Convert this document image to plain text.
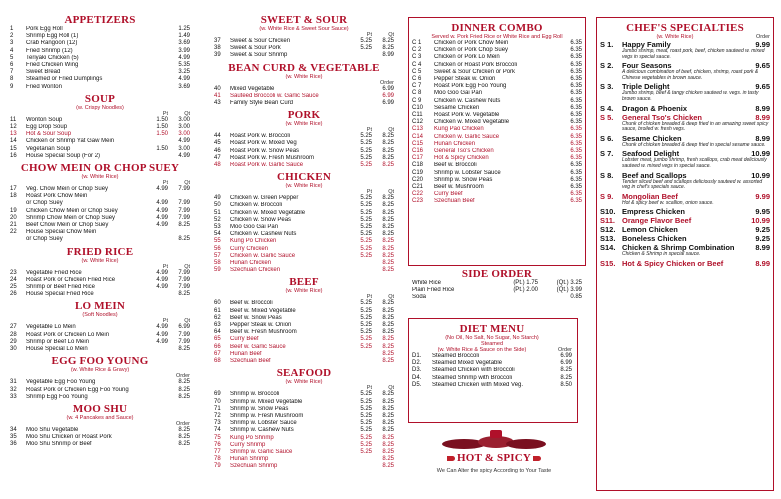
APPETIZERS
1	Pork Egg Roll	1.25
2	Shrimp Egg Roll (1)	1.49
3	Crab Rangoon (12)	3.69
4	Fried Shrimp (12)	3.99
5	Teriyaki Chicken (5)	4.99
6	Fried Chicken Wing	5.35
7	Sweet Bread	3.25
8	Steamed or Fried Dumplings	4.99
9	Fried Wonton	3.69
SOUP
(w. Crispy Noodles)
Pt	Qt
11	Wonton Soup	1.50	3.00
12	Egg Drop Soup	1.50	3.00
13	Hot & Sour Soup	1.50	3.00
14	Chicken or Shrimp Yat Gaw Mein	4.99
15	Vegetarian Soup	1.50	3.00
16	House Special Soup (For 2)	4.99
CHOW MEIN OR CHOP SUEY
(w. White Rice)
Pt	Qt
17	Veg. Chow Mein or Chop Suey	4.99	7.99
18	Roast Pork Chow Mein
or Chop Suey	4.99	7.99
19	Chicken Chow Mein or Chop Suey	4.99	7.99
20	Shrimp Chow Mein or Chop Suey	4.99	7.99
21	Beef Chow Mein or Chop Suey	4.99	8.25
22	House Special Chow Mein
or Chop Suey	8.25
FRIED RICE
(w. White Rice)
Pt	Qt
23	Vegetable Fried Rice	4.99	7.99
24	Roast Pork or Chicken Fried Rice	4.99	7.99
25	Shrimp or Beef Fried Rice	4.99	7.99
26	House Special Fried Rice	8.25
LO MEIN
(Soft Noodles)
Pt	Qt
27	Vegetable Lo Mein	4.99	6.99
28	Roast Pork or Chicken Lo Mein	4.99	7.99
29	Shrimp or Beef Lo Mein	4.99	7.99
30	House Special Lo Mein	8.25
EGG FOO YOUNG
(w. White Rice & Gravy)
Order
31	Vegetable Egg Foo Young	8.25
32	Roast Pork or Chicken Egg Foo Young	8.25
33	Shrimp Egg Foo Young	8.25
MOO SHU
(w. 4 Pancakes and Sauce)
Order
34	Moo Shu Vegetable	8.25
35	Moo Shu Chicken or Roast Pork	8.25
36	Moo Shu Shrimp or Beef	8.25
SWEET & SOUR
(w. White Rice & Sweet Sour Sauce)
Pt	Qt
37	Sweet & Sour Chicken	5.25	8.25
38	Sweet & Sour Pork	5.25	8.25
39	Sweet & Sour Shrimp	8.99
BEAN CURD & VEGETABLE
(w. White Rice)
Order
40	Mixed Vegetable	6.99
41	Sauteed Broccoli w. Garlic Sauce	6.99
43	Family Style Bean Curd	6.99
PORK
(w. White Rice)
Pt	Qt
44	Roast Pork w. Broccoli	5.25	8.25
45	Roast Pork w. Mixed Veg	5.25	8.25
46	Roast Pork w. Snow Peas	5.25	8.25
47	Roast Pork w. Fresh Mushroom	5.25	8.25
48	Roast Pork w. Garlic Sauce	5.25	8.25
CHICKEN
(w. White Rice)
Pt	Qt
49	Chicken w. Green Pepper	5.25	8.25
50	Chicken w. Broccoli	5.25	8.25
51	Chicken w. Mixed Vegetable	5.25	8.25
52	Chicken w. Snow Peas	5.25	8.25
53	Moo Goo Gai Pan	5.25	8.25
54	Chicken w. Cashew Nuts	5.25	8.25
55	Kung Po Chicken	5.25	8.25
56	Curry Chicken	5.25	8.25
57	Chicken w. Garlic Sauce	5.25	8.25
58	Hunan Chicken	8.25
59	Szechuan Chicken	8.25
BEEF
(w. White Rice)
Pt	Qt
60	Beef w. Broccoli	5.25	8.25
61	Beef w. Mixed Vegetable	5.25	8.25
62	Beef w. Snow Peas	5.25	8.25
63	Pepper Steak w. Onion	5.25	8.25
64	Beef w. Fresh Mushroom	5.25	8.25
65	Curry Beef	5.25	8.25
66	Beef w. Garlic Sauce	5.25	8.25
67	Hunan Beef	8.25
68	Szechuan Beef	8.25
SEAFOOD
(w. White Rice)
Pt	Qt
69	Shrimp w. Broccoli	5.25	8.25
70	Shrimp w. Mixed Vegetable	5.25	8.25
71	Shrimp w. Snow Peas	5.25	8.25
72	Shrimp w. Fresh Mushroom	5.25	8.25
73	Shrimp w. Lobster Sauce	5.25	8.25
74	Shrimp w. Cashew Nuts	5.25	8.25
75	Kung Po Shrimp	5.25	8.25
76	Curry Shrimp	5.25	8.25
77	Shrimp w. Garlic Sauce	5.25	8.25
78	Hunan Shrimp	8.25
79	Szechuan Shrimp	8.25
DINNER COMBO
Served w. Pork Fried Rice or White Rice and Egg Roll
C 1	Chicken or Pork Chow Mein	6.35
C 2	Chicken or Pork Chop Suey	6.35
C 3	Chicken or Pork Lo Mein	6.35
C 4	Chicken or Roast Pork Broccoli	6.35
C 5	Sweet & Sour Chicken or Pork	6.35
C 6	Pepper Steak w. Onion	6.35
C 7	Roast Pork Egg Foo Young	6.35
C 8	Moo Goo Gai Pan	6.35
C 9	Chicken w. Cashew Nuts	6.35
C10	Sesame Chicken	6.35
C11	Roast Pork w. Vegetable	6.35
C12	Chicken w. Mixed Vegetable	6.35
C13	Kung Pao Chicken	6.35
C14	Chicken w. Garlic Sauce	6.35
C15	Hunan Chicken	6.35
C16	General Tso's Chicken	6.35
C17	Hot & Spicy Chicken	6.35
C18	Beef w. Broccoli	6.35
C19	Shrimp w. Lobster Sauce	6.35
C20	Shrimp w. Snow Peas	6.35
C21	Beef w. Mushroom	6.35
C22	Curry Beef	6.35
C23	Szechuan Beef	6.35
SIDE ORDER
White Rice	(Pt.) 1.75	(Qt.) 3.25
Plain Fried Rice	(Pt.) 2.00	(Qt.) 3.99
Soda	0.85
DIET MENU
(No Oil, No Salt, No Sugar, No Starch)
Steamed
(w. White Rice & Sauce on the Side)	Order
D1.	Steamed Broccoli	6.99
D2.	Steamed Mixed Vegetable	6.99
D3.	Steamed Chicken with Broccoli	8.25
D4.	Steamed Shrimp with Broccoli	8.25
D5.	Steamed Chicken with Mixed Veg.	8.50
HOT & SPICY
We Can Alter the spicy According to Your Taste
CHEF'S SPECIALTIES
(w. White Rice)	Order
S 1.	Happy Family	9.99
Jumbo shrimp, meat, roast pork, beef, chicken sauteed w. mixed vegs in special sauce.
S 2.	Four Seasons	9.65
A delicious combination of beef, chicken, shrimp, roast pork & Chinese vegetables in brown sauce.
S 3.	Triple Delight	9.65
Jumbo shrimp, beef & tangy chicken sauteed w. vegs. in tasty brown sauce.
S 4.	Dragon & Phoenix	8.99
S 5.	General Tso's Chicken	8.99
Chunk of chicken breaded & deep fried in an amazing sweet spicy sauce, broiled w. fresh vegs.
S 6.	Sesame Chicken	8.99
Chunk of chicken breaded & deep fried in special sesame sauce.
S 7.	Seafood Delight	10.99
Lobster meat, jumbo shrimp, fresh scallops, crab meat deliciously sauteed w. mixed vegs in special sauce.
S 8.	Beef and Scallops	10.99
Tender sliced beef and scallops deliciously sauteed w. assorted veg in chef's specials sauce.
S 9.	Mongolian Beef	9.99
Hot & spicy beef w. scallion, onion sauce.
S10. Empress Chicken	9.95
S11. Orange Flavor Beef	10.99
S12. Lemon Chicken	9.25
S13. Boneless Chicken	9.25
S14. Chicken & Shrimp Combination	8.99
Chicken & Shrimp in special sauce.
S15. Hot & Spicy Chicken or Beef	8.99
